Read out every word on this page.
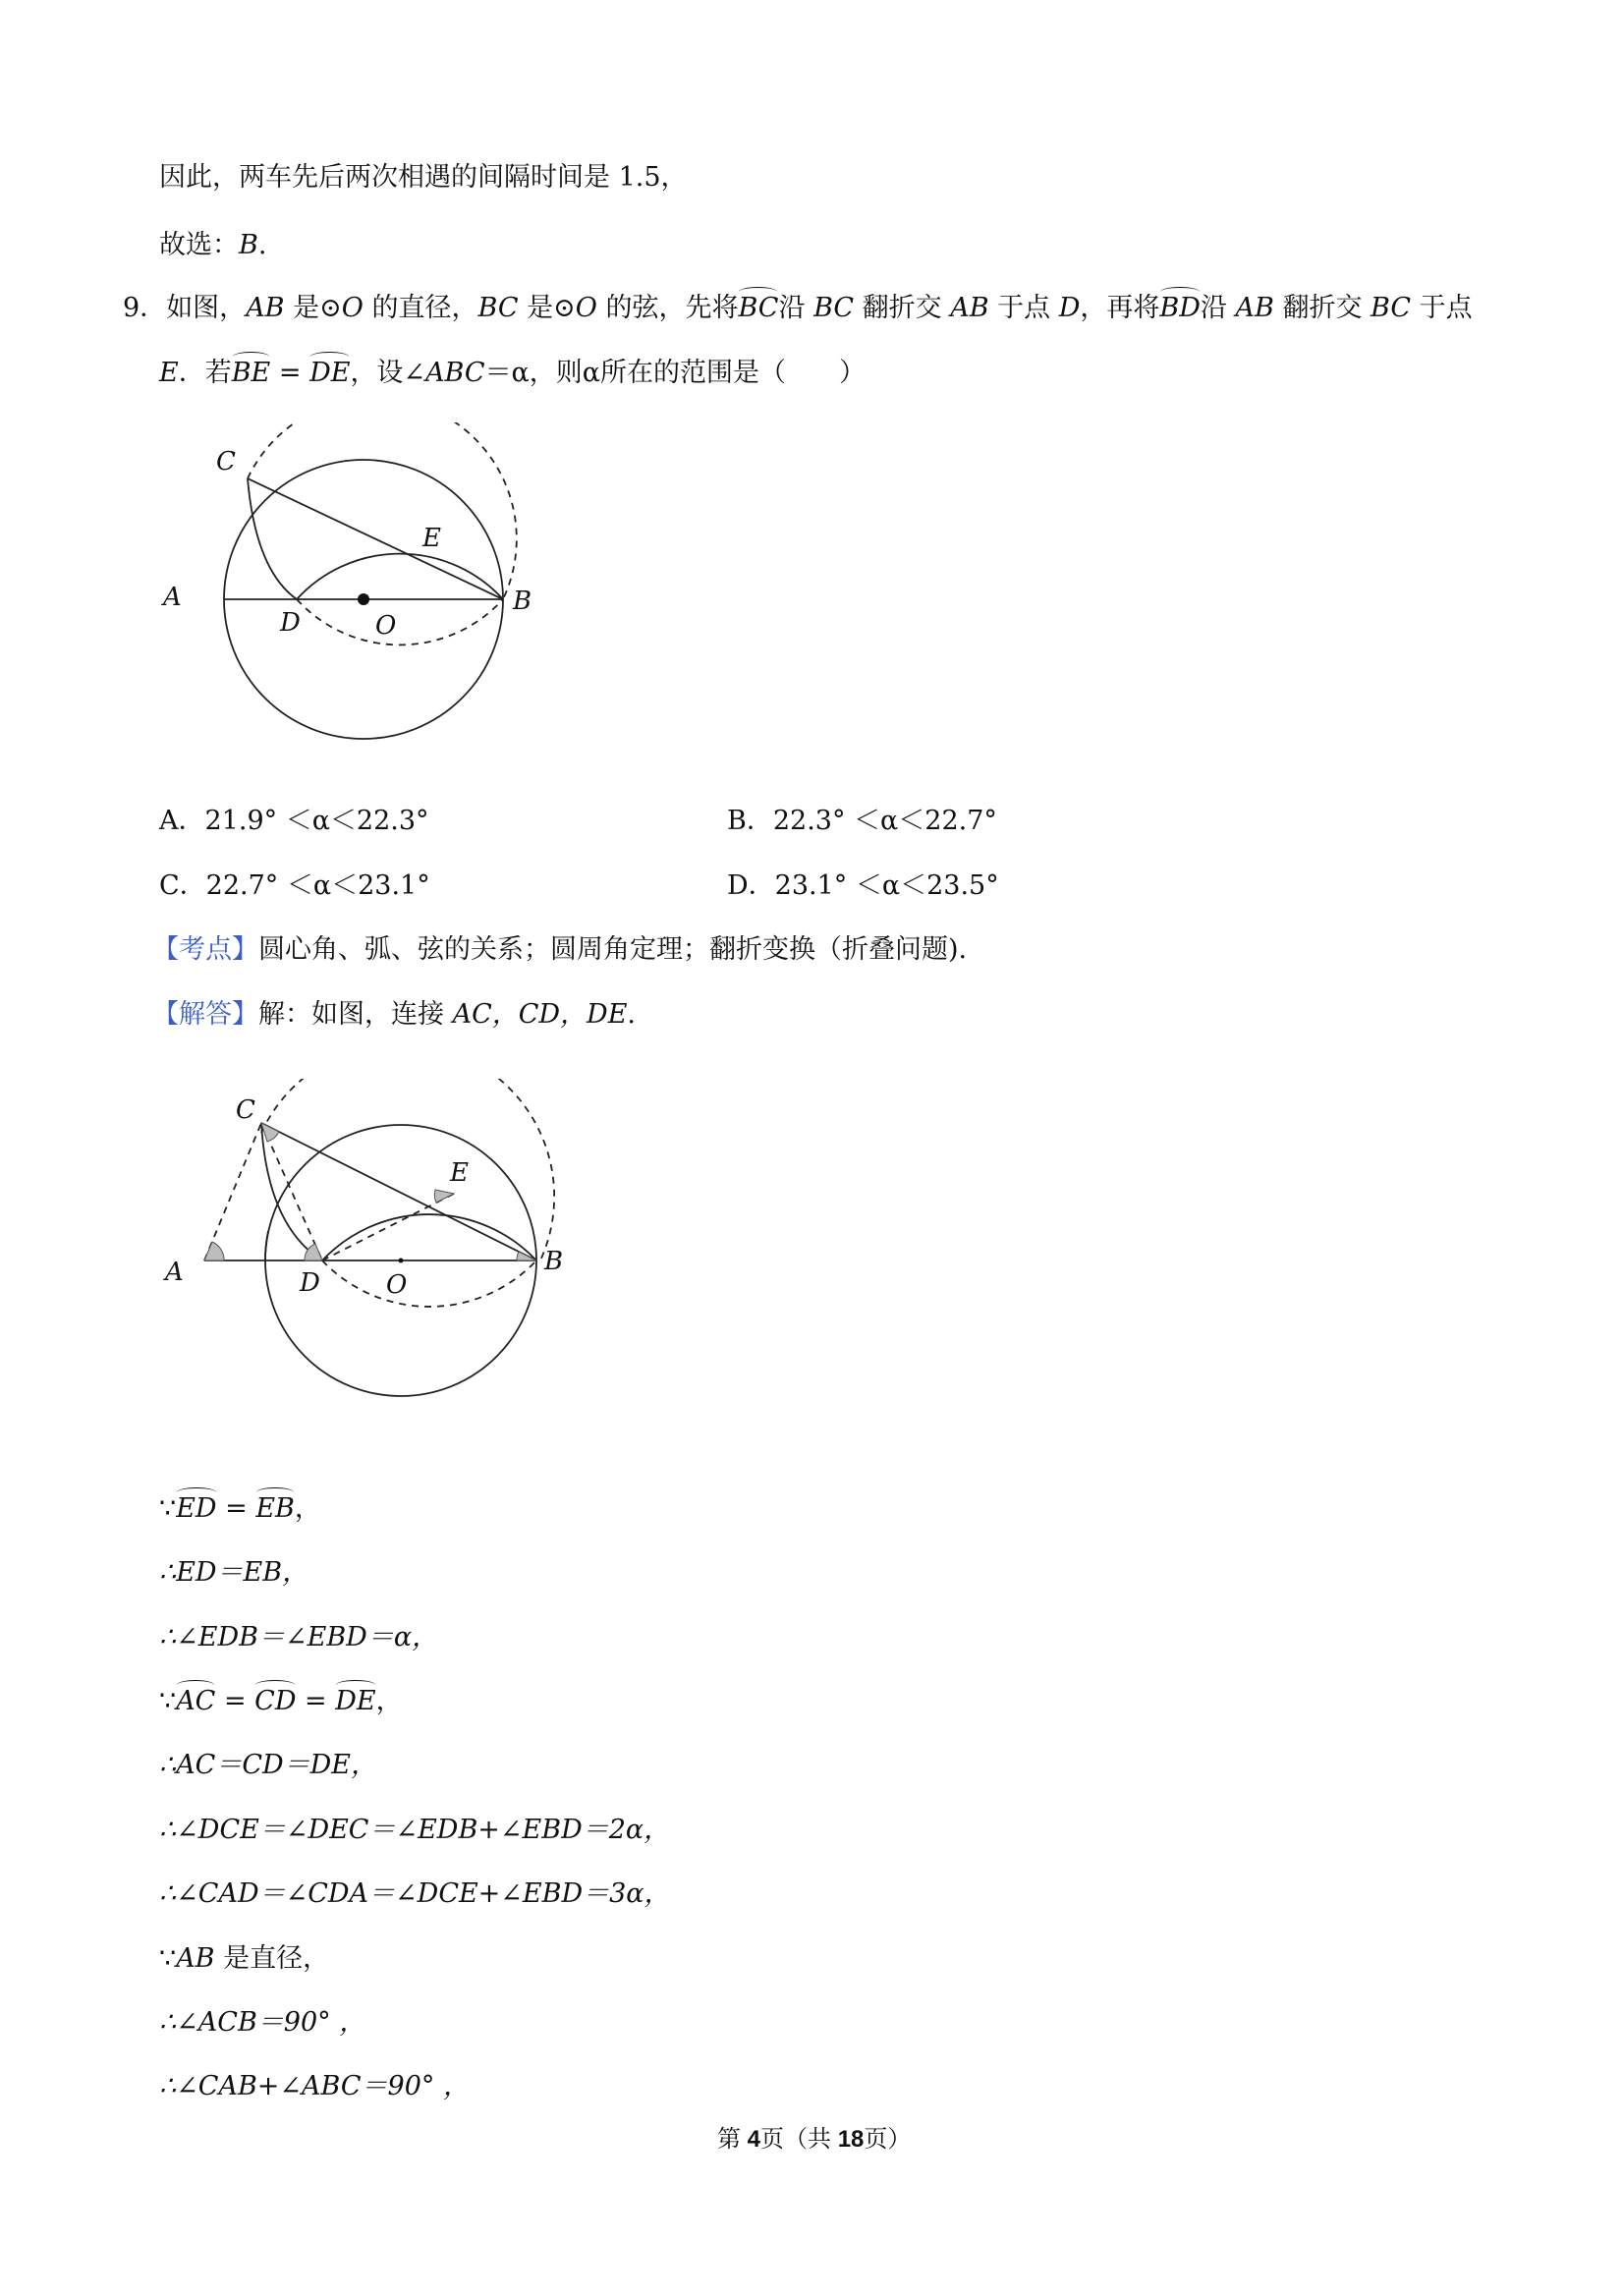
因此，两车先后两次相遇的间隔时间是 1.5，
故选：B.
9．如图，AB 是⊙O 的直径，BC 是⊙O 的弦，先将BC沿 BC 翻折交 AB 于点 D，再将BD沿 AB 翻折交 BC 于点
E．若BE = DE，设∠ABC＝α，则α所在的范围是（　　）
C
E
A
D	O
B
A．21.9° ＜α＜22.3°	B．22.3° ＜α＜22.7°
C．22.7° ＜α＜23.1°	D．23.1° ＜α＜23.5°
【考点】圆心角、弧、弦的关系；圆周角定理；翻折变换（折叠问题).
【解答】解：如图，连接 AC，CD，DE.
C
E
A	D	O
B
∵ED = EB，
∴ED＝EB，
∴∠EDB＝∠EBD＝α，
∵AC = CD = DE，
∴AC＝CD＝DE，
∴∠DCE＝∠DEC＝∠EDB+∠EBD＝2α，
∴∠CAD＝∠CDA＝∠DCE+∠EBD＝3α，
∵AB 是直径，
∴∠ACB＝90° ，
∴∠CAB+∠ABC＝90° ，
第 4页（共 18页）
